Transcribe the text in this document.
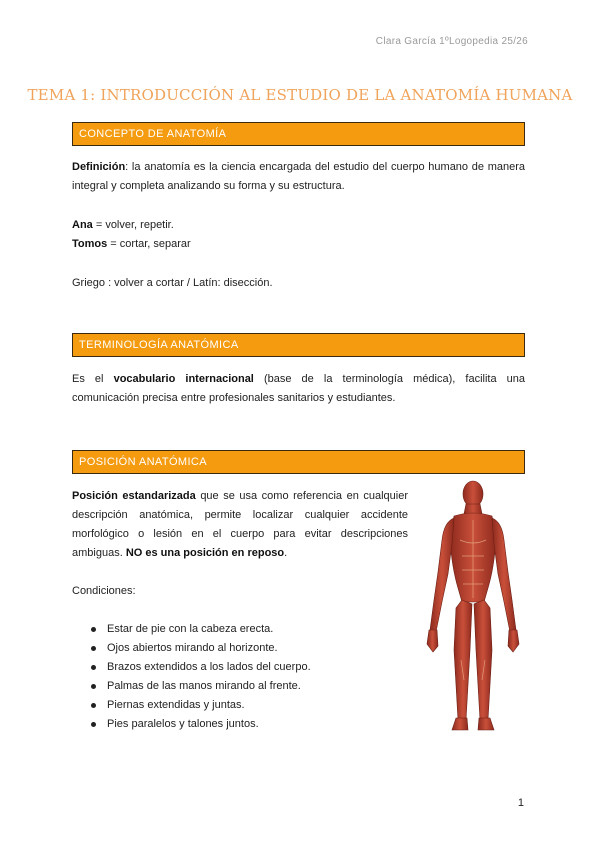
Clara García 1ºLogopedia 25/26
TEMA 1: INTRODUCCIÓN AL ESTUDIO DE LA ANATOMÍA HUMANA
CONCEPTO DE ANATOMÍA
Definición: la anatomía es la ciencia encargada del estudio del cuerpo humano de manera integral y completa analizando su forma y su estructura.
Ana = volver, repetir.
Tomos = cortar, separar
Griego : volver a cortar / Latín: disección.
TERMINOLOGÍA ANATÓMICA
Es el vocabulario internacional (base de la terminología médica), facilita una comunicación precisa entre profesionales sanitarios y estudiantes.
POSICIÓN ANATÓMICA
Posición estandarizada que se usa como referencia en cualquier descripción anatómica, permite localizar cualquier accidente morfológico o lesión en el cuerpo para evitar descripciones ambiguas. NO es una posición en reposo.
Condiciones:
Estar de pie con la cabeza erecta.
Ojos abiertos mirando al horizonte.
Brazos extendidos a los lados del cuerpo.
Palmas de las manos mirando al frente.
Piernas extendidas y juntas.
Pies paralelos y talones juntos.
1
